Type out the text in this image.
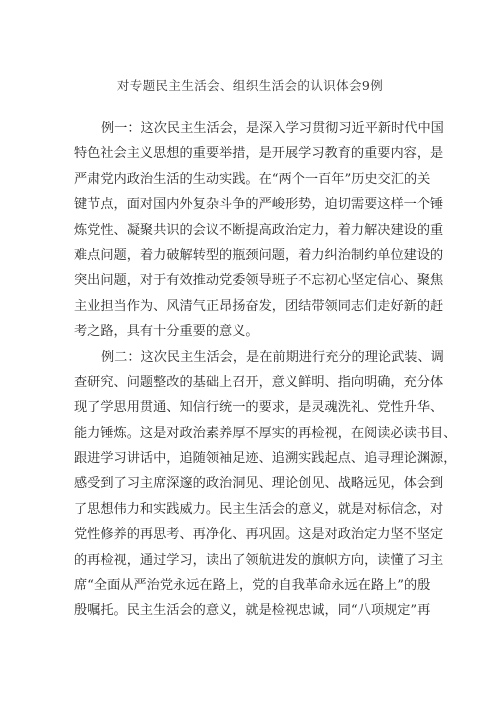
对专题民主生活会、组织生活会的认识体会9例

例一：这次民主生活会，是深入学习贯彻习近平新时代中国
特色社会主义思想的重要举措，是开展学习教育的重要内容，是
严肃党内政治生活的生动实践。在“两个一百年”历史交汇的关
键节点，面对国内外复杂斗争的严峻形势，迫切需要这样一个锤
炼党性、凝聚共识的会议不断提高政治定力，着力解决建设的重
难点问题，着力破解转型的瓶颈问题，着力纠治制约单位建设的
突出问题，对于有效推动党委领导班子不忘初心坚定信心、聚焦
主业担当作为、风清气正昂扬奋发，团结带领同志们走好新的赶
考之路，具有十分重要的意义。

例二：这次民主生活会，是在前期进行充分的理论武装、调
查研究、问题整改的基础上召开，意义鲜明、指向明确，充分体
现了学思用贯通、知信行统一的要求，是灵魂洗礼、党性升华、
能力锤炼。这是对政治素养厚不厚实的再检视，在阅读必读书目、
跟进学习讲话中，追随领袖足迹、追溯实践起点、追寻理论渊源，
感受到了习主席深邃的政治洞见、理论创见、战略远见，体会到
了思想伟力和实践威力。民主生活会的意义，就是对标信念，对
党性修养的再思考、再净化、再巩固。这是对政治定力坚不坚定
的再检视，通过学习，读出了领航进发的旗帜方向，读懂了习主
席“全面从严治党永远在路上，党的自我革命永远在路上”的殷
殷嘱托。民主生活会的意义，就是检视忠诚，同“八项规定”再
